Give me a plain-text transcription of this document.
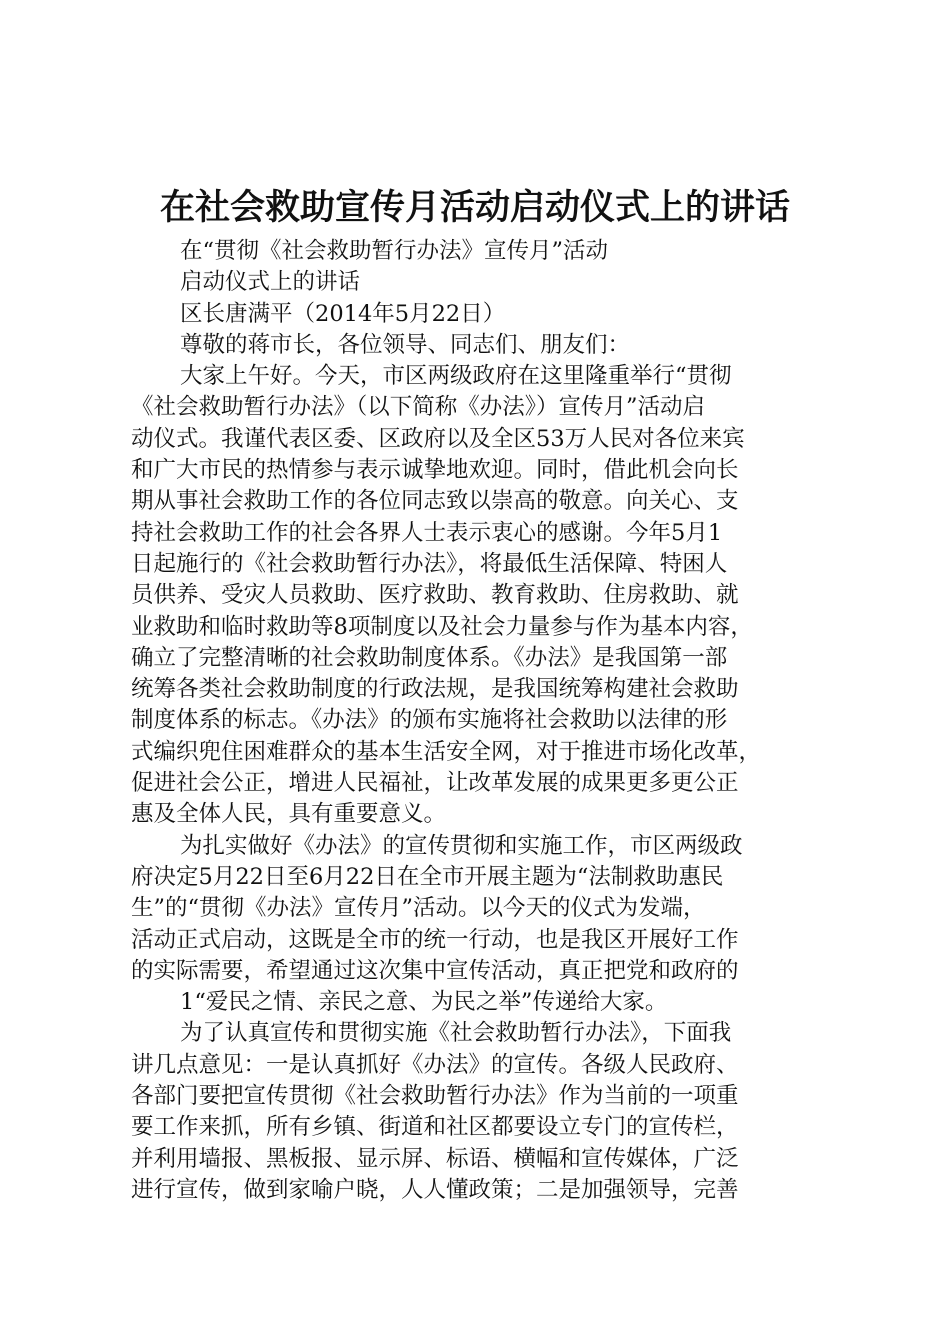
在社会救助宣传月活动启动仪式上的讲话
在“贯彻《社会救助暂行办法》宣传月”活动
启动仪式上的讲话
区长唐满平（2014年5月22日）
尊敬的蒋市长，各位领导、同志们、朋友们：
大家上午好。今天，市区两级政府在这里隆重举行“贯彻
《社会救助暂行办法》（以下简称《办法》）宣传月”活动启
动仪式。我谨代表区委、区政府以及全区53万人民对各位来宾
和广大市民的热情参与表示诚挚地欢迎。同时，借此机会向长
期从事社会救助工作的各位同志致以崇高的敬意。向关心、支
持社会救助工作的社会各界人士表示衷心的感谢。今年5月1
日起施行的《社会救助暂行办法》，将最低生活保障、特困人
员供养、受灾人员救助、医疗救助、教育救助、住房救助、就
业救助和临时救助等8项制度以及社会力量参与作为基本内容，
确立了完整清晰的社会救助制度体系。《办法》是我国第一部
统筹各类社会救助制度的行政法规，是我国统筹构建社会救助
制度体系的标志。《办法》的颁布实施将社会救助以法律的形
式编织兜住困难群众的基本生活安全网，对于推进市场化改革，
促进社会公正，增进人民福祉，让改革发展的成果更多更公正
惠及全体人民，具有重要意义。
为扎实做好《办法》的宣传贯彻和实施工作，市区两级政
府决定5月22日至6月22日在全市开展主题为“法制救助惠民
生”的“贯彻《办法》宣传月”活动。以今天的仪式为发端，
活动正式启动，这既是全市的统一行动，也是我区开展好工作
的实际需要，希望通过这次集中宣传活动，真正把党和政府的
1“爱民之情、亲民之意、为民之举”传递给大家。
为了认真宣传和贯彻实施《社会救助暂行办法》，下面我
讲几点意见：一是认真抓好《办法》的宣传。各级人民政府、
各部门要把宣传贯彻《社会救助暂行办法》作为当前的一项重
要工作来抓，所有乡镇、街道和社区都要设立专门的宣传栏，
并利用墙报、黑板报、显示屏、标语、横幅和宣传媒体，广泛
进行宣传，做到家喻户晓，人人懂政策；二是加强领导，完善
